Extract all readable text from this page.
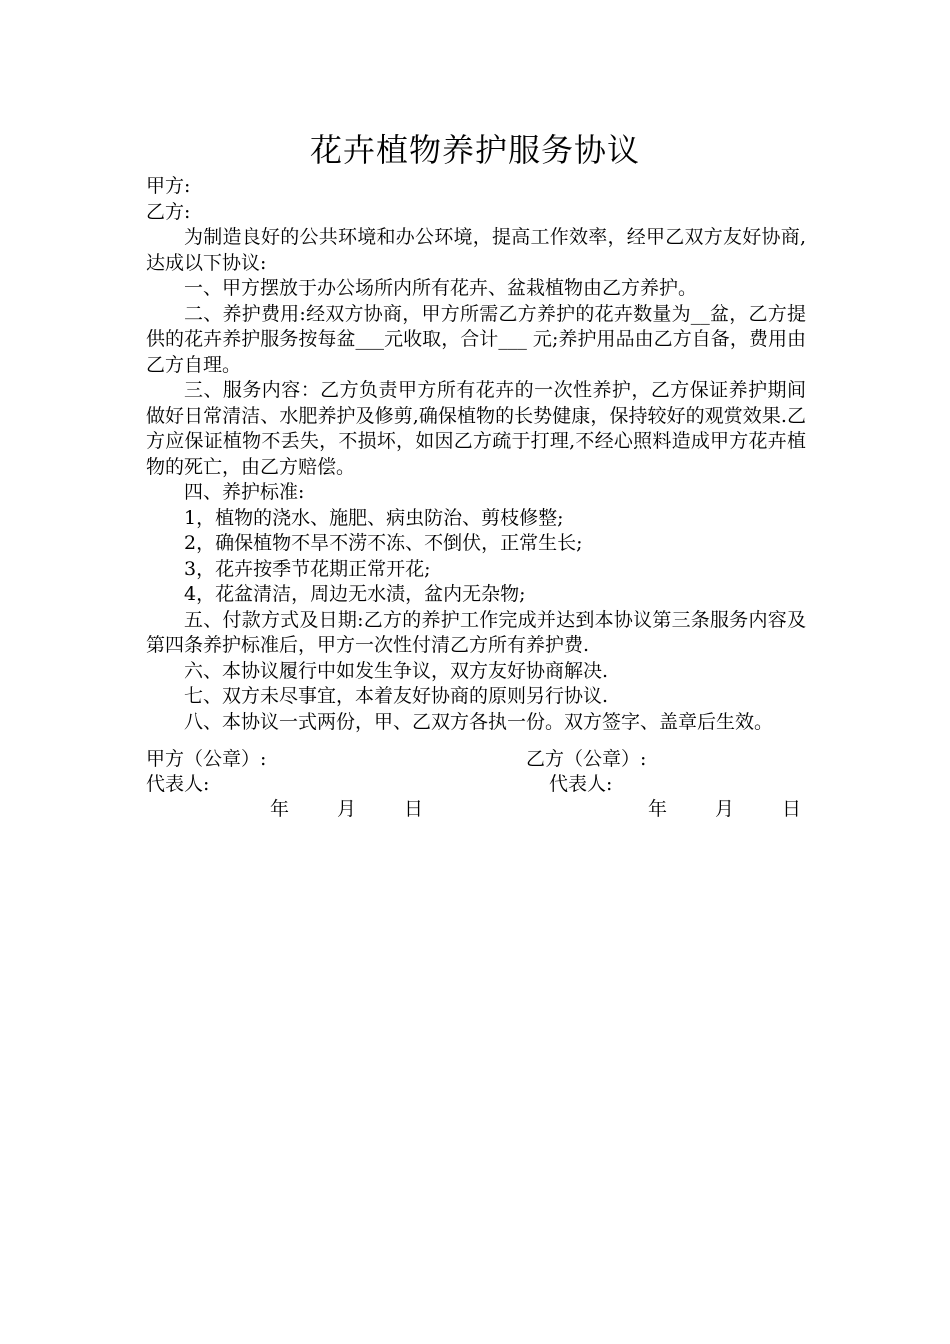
花卉植物养护服务协议

甲方:

乙方:

为制造良好的公共环境和办公环境，提高工作效率，经甲乙双方友好协商,达成以下协议:

一、甲方摆放于办公场所内所有花卉、盆栽植物由乙方养护。

二、养护费用:经双方协商，甲方所需乙方养护的花卉数量为__盆，乙方提供的花卉养护服务按每盆___元收取，合计___ 元;养护用品由乙方自备，费用由乙方自理。

三、服务内容：乙方负责甲方所有花卉的一次性养护，乙方保证养护期间做好日常清洁、水肥养护及修剪,确保植物的长势健康，保持较好的观赏效果.乙方应保证植物不丢失，不损坏，如因乙方疏于打理,不经心照料造成甲方花卉植物的死亡，由乙方赔偿。

四、养护标准:

1，植物的浇水、施肥、病虫防治、剪枝修整;

2，确保植物不旱不涝不冻、不倒伏，正常生长;

3，花卉按季节花期正常开花;

4，花盆清洁，周边无水渍，盆内无杂物;

五、付款方式及日期:乙方的养护工作完成并达到本协议第三条服务内容及第四条养护标准后，甲方一次性付清乙方所有养护费.

六、本协议履行中如发生争议，双方友好协商解决.

七、双方未尽事宜，本着友好协商的原则另行协议.

八、本协议一式两份，甲、乙双方各执一份。双方签字、盖章后生效。

甲方（公章）:	乙方（公章）:
代表人:	代表人:
年	月	日	年	月	日
